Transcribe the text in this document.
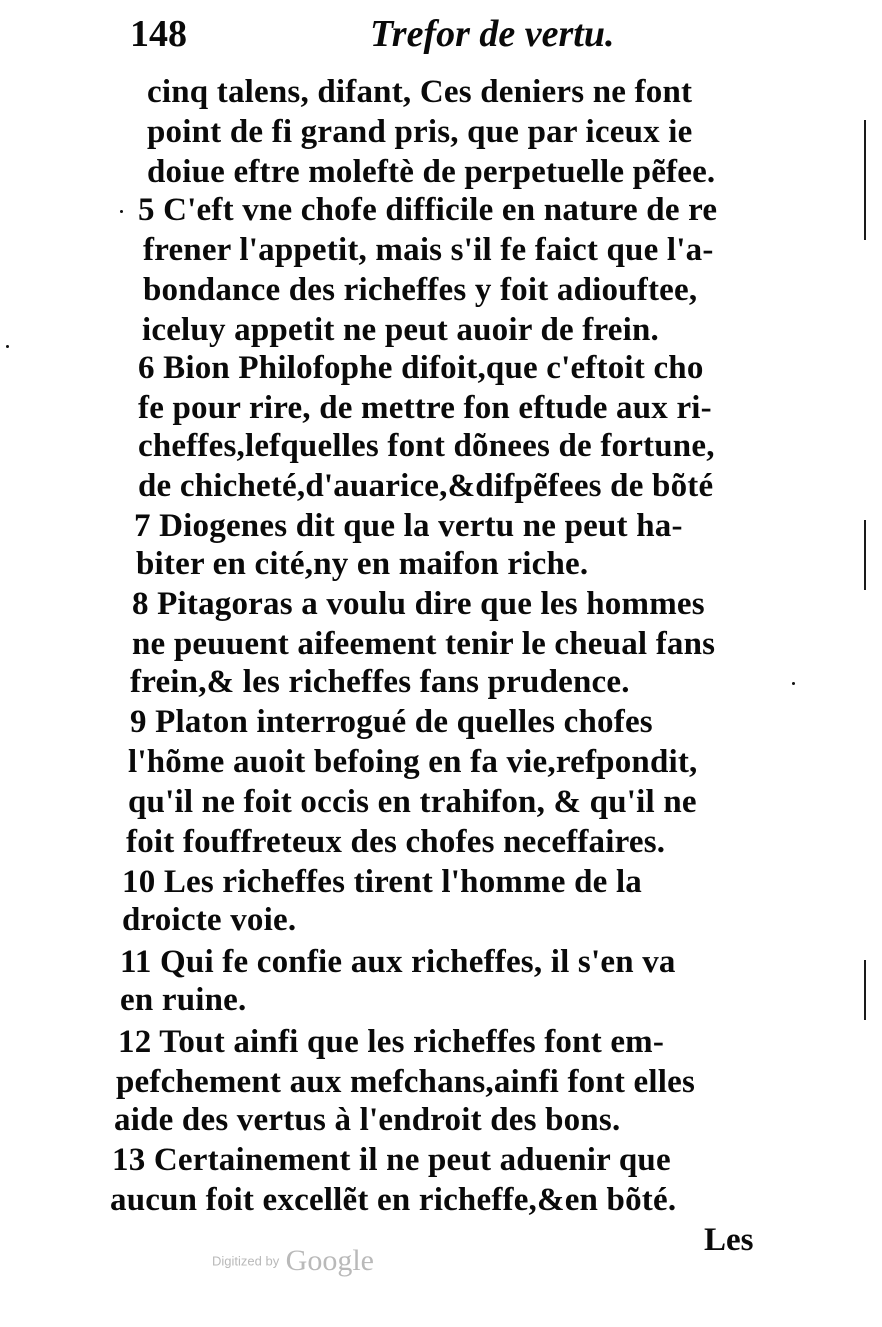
148	Trefor de vertu.
cinq talens, difant, Ces deniers ne font
point de fi grand pris, que par iceux ie
doiue eftre moleftè de perpetuelle pẽfee.
5 C'eft vne chofe difficile en nature de re
frener l'appetit, mais s'il fe faict que l'a-
bondance des richeffes y foit adiouftee,
iceluy appetit ne peut auoir de frein.
6 Bion Philofophe difoit,que c'eftoit cho
fe pour rire, de mettre fon eftude aux ri-
cheffes,lefquelles font dõnees de fortune,
de chicheté,d'auarice,&difpẽfees de bõté
7 Diogenes dit que la vertu ne peut ha-
biter en cité,ny en maifon riche.
8 Pitagoras a voulu dire que les hommes
ne peuuent aifeement tenir le cheual fans
frein,& les richeffes fans prudence.
9 Platon interrogué de quelles chofes
l'hõme auoit befoing en fa vie,refpondit,
qu'il ne foit occis en trahifon, & qu'il ne
foit fouffreteux des chofes neceffaires.
10 Les richeffes tirent l'homme de la
droicte voie.
11 Qui fe confie aux richeffes, il s'en va
en ruine.
12 Tout ainfi que les richeffes font em-
pefchement aux mefchans,ainfi font elles
aide des vertus à l'endroit des bons.
13 Certainement il ne peut aduenir que
aucun foit excellẽt en richeffe,&en bõté.
Les
Digitized by Google
